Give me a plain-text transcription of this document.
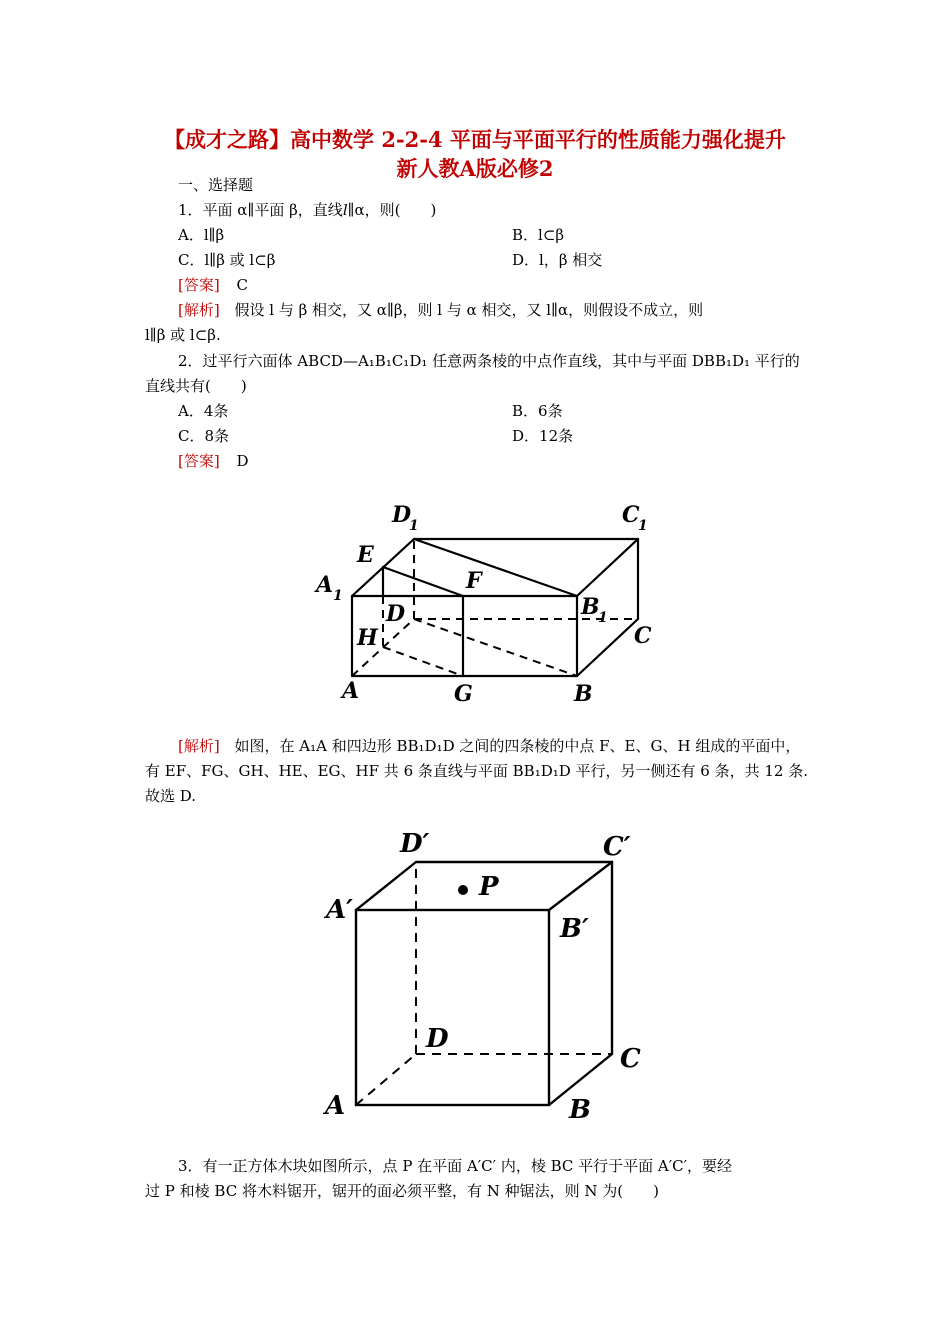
【成才之路】高中数学 2-2-4 平面与平面平行的性质能力强化提升
新人教A版必修2
一、选择题
1．平面 α∥平面 β，直线l∥α，则(　　)
A．l∥β	B．l⊂β
C．l∥β 或 l⊂β	D．l，β 相交
[答案] C
[解析] 假设 l 与 β 相交，又 α∥β，则 l 与 α 相交，又 l∥α，则假设不成立，则
l∥β 或 l⊂β.
2．过平行六面体 ABCD—A₁B₁C₁D₁ 任意两条棱的中点作直线，其中与平面 DBB₁D₁ 平行的
直线共有(　　)
A．4条	B．6条
C．8条	D．12条
[答案] D
D
1	C
1
E
F
A 1
D	B
1
C
H
A	G	B
[解析] 如图，在 A₁A 和四边形 BB₁D₁D 之间的四条棱的中点 F、E、G、H 组成的平面中，
有 EF、FG、GH、HE、EG、HF 共 6 条直线与平面 BB₁D₁D 平行，另一侧还有 6 条，共 12 条.
故选 D.
D′	C′
P
A′
B′
D
C
A	B
3．有一正方体木块如图所示，点 P 在平面 A′C′ 内，棱 BC 平行于平面 A′C′，要经
过 P 和棱 BC 将木料锯开，锯开的面必须平整，有 N 种锯法，则 N 为(　　)
